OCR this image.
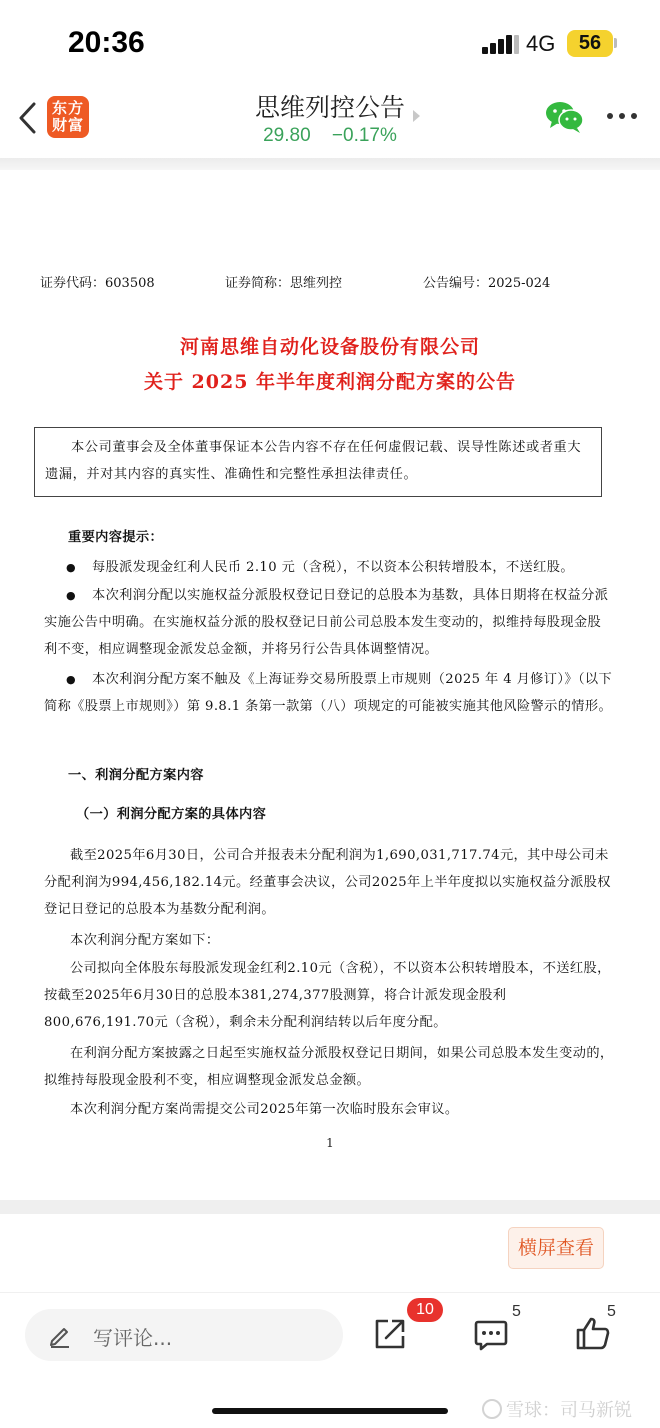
20:36	4G	56
东方财富
思维列控公告
29.80 −0.17%
证券代码：603508	证券简称：思维列控	公告编号：2025-024
河南思维自动化设备股份有限公司
关于 2025 年半年度利润分配方案的公告

本公司董事会及全体董事保证本公告内容不存在任何虚假记载、误导性陈述或者重大遗漏，并对其内容的真实性、准确性和完整性承担法律责任。

重要内容提示：
●每股派发现金红利人民币 2.10 元（含税），不以资本公积转增股本，不送红股。
●本次利润分配以实施权益分派股权登记日登记的总股本为基数，具体日期将在权益分派实施公告中明确。在实施权益分派的股权登记日前公司总股本发生变动的，拟维持每股现金股利不变，相应调整现金派发总金额，并将另行公告具体调整情况。
●本次利润分配方案不触及《上海证券交易所股票上市规则（2025 年 4 月修订）》（以下简称《股票上市规则》）第 9.8.1 条第一款第（八）项规定的可能被实施其他风险警示的情形。
一、利润分配方案内容
（一）利润分配方案的具体内容
截至2025年6月30日，公司合并报表未分配利润为1,690,031,717.74元，其中母公司未分配利润为994,456,182.14元。经董事会决议，公司2025年上半年度拟以实施权益分派股权登记日登记的总股本为基数分配利润。
本次利润分配方案如下：
公司拟向全体股东每股派发现金红利2.10元（含税），不以资本公积转增股本，不送红股，按截至2025年6月30日的总股本381,274,377股测算，将合计派发现金股利800,676,191.70元（含税），剩余未分配利润结转以后年度分配。
在利润分配方案披露之日起至实施权益分派股权登记日期间，如果公司总股本发生变动的，拟维持每股现金股利不变，相应调整现金派发总金额。
本次利润分配方案尚需提交公司2025年第一次临时股东会审议。
1
横屏查看
写评论...
10	5	5
雪球：司马新锐
